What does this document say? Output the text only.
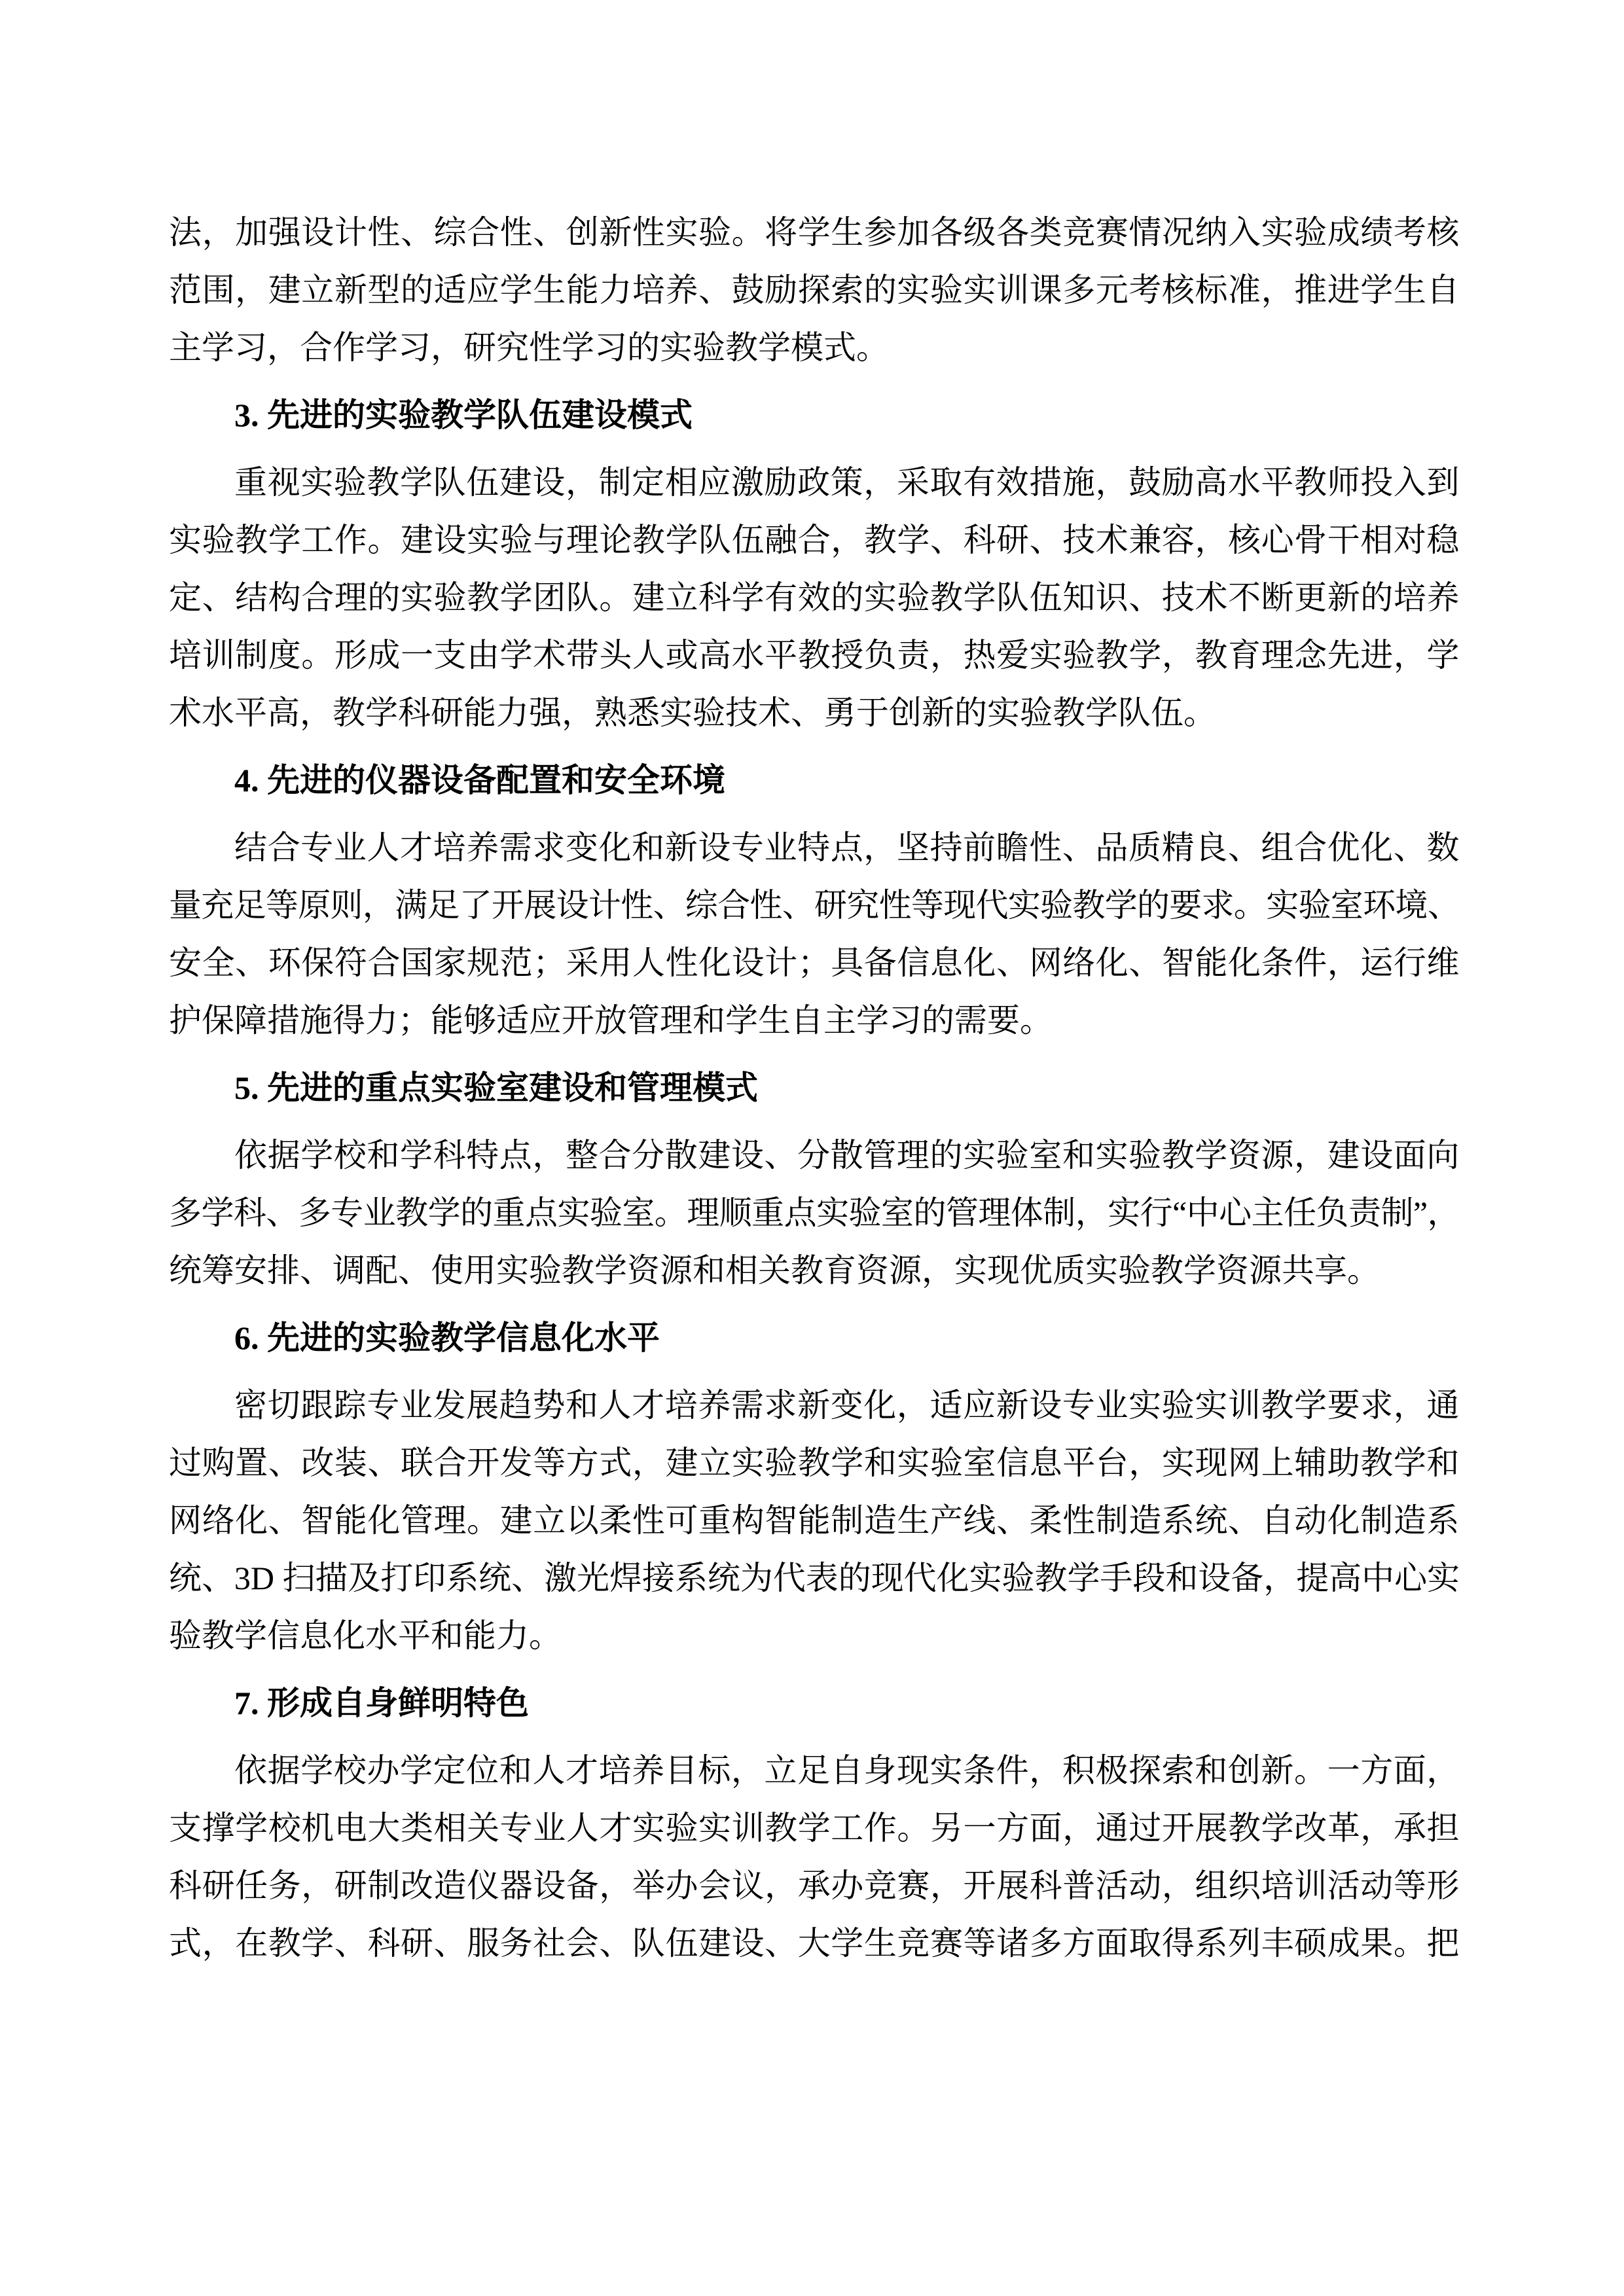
法，加强设计性、综合性、创新性实验。将学生参加各级各类竞赛情况纳入实验成绩考核
范围，建立新型的适应学生能力培养、鼓励探索的实验实训课多元考核标准，推进学生自
主学习，合作学习，研究性学习的实验教学模式。
3. 先进的实验教学队伍建设模式
重视实验教学队伍建设，制定相应激励政策，采取有效措施，鼓励高水平教师投入到
实验教学工作。建设实验与理论教学队伍融合，教学、科研、技术兼容，核心骨干相对稳
定、结构合理的实验教学团队。建立科学有效的实验教学队伍知识、技术不断更新的培养
培训制度。形成一支由学术带头人或高水平教授负责，热爱实验教学，教育理念先进，学
术水平高，教学科研能力强，熟悉实验技术、勇于创新的实验教学队伍。
4. 先进的仪器设备配置和安全环境
结合专业人才培养需求变化和新设专业特点，坚持前瞻性、品质精良、组合优化、数
量充足等原则，满足了开展设计性、综合性、研究性等现代实验教学的要求。实验室环境、
安全、环保符合国家规范；采用人性化设计；具备信息化、网络化、智能化条件，运行维
护保障措施得力；能够适应开放管理和学生自主学习的需要。
5. 先进的重点实验室建设和管理模式
依据学校和学科特点，整合分散建设、分散管理的实验室和实验教学资源，建设面向
多学科、多专业教学的重点实验室。理顺重点实验室的管理体制，实行“中心主任负责制”，
统筹安排、调配、使用实验教学资源和相关教育资源，实现优质实验教学资源共享。
6. 先进的实验教学信息化水平
密切跟踪专业发展趋势和人才培养需求新变化，适应新设专业实验实训教学要求，通
过购置、改装、联合开发等方式，建立实验教学和实验室信息平台，实现网上辅助教学和
网络化、智能化管理。建立以柔性可重构智能制造生产线、柔性制造系统、自动化制造系
统、3D 扫描及打印系统、激光焊接系统为代表的现代化实验教学手段和设备，提高中心实
验教学信息化水平和能力。
7. 形成自身鲜明特色
依据学校办学定位和人才培养目标，立足自身现实条件，积极探索和创新。一方面，
支撑学校机电大类相关专业人才实验实训教学工作。另一方面，通过开展教学改革，承担
科研任务，研制改造仪器设备，举办会议，承办竞赛，开展科普活动，组织培训活动等形
式，在教学、科研、服务社会、队伍建设、大学生竞赛等诸多方面取得系列丰硕成果。把
